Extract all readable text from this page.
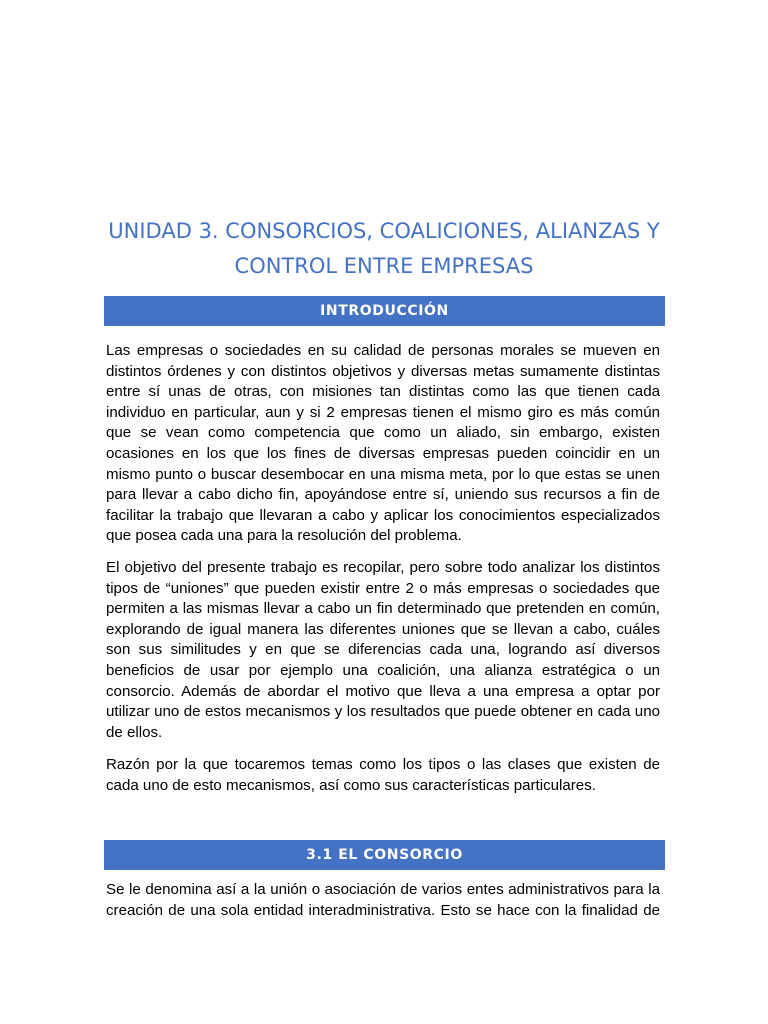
UNIDAD 3. CONSORCIOS, COALICIONES, ALIANZAS Y
CONTROL ENTRE EMPRESAS
INTRODUCCIÓN

Las empresas o sociedades en su calidad de personas morales se mueven en
distintos órdenes y con distintos objetivos y diversas metas sumamente distintas
entre sí unas de otras, con misiones tan distintas como las que tienen cada
individuo en particular, aun y si 2 empresas tienen el mismo giro es más común
que se vean como competencia que como un aliado, sin embargo, existen
ocasiones en los que los fines de diversas empresas pueden coincidir en un
mismo punto o buscar desembocar en una misma meta, por lo que estas se unen
para llevar a cabo dicho fin, apoyándose entre sí, uniendo sus recursos a fin de
facilitar la trabajo que llevaran a cabo y aplicar los conocimientos especializados
que posea cada una para la resolución del problema.

El objetivo del presente trabajo es recopilar, pero sobre todo analizar los distintos
tipos de “uniones” que pueden existir entre 2 o más empresas o sociedades que
permiten a las mismas llevar a cabo un fin determinado que pretenden en común,
explorando de igual manera las diferentes uniones que se llevan a cabo, cuáles
son sus similitudes y en que se diferencias cada una, logrando así diversos
beneficios de usar por ejemplo una coalición, una alianza estratégica o un
consorcio. Además de abordar el motivo que lleva a una empresa a optar por
utilizar uno de estos mecanismos y los resultados que puede obtener en cada uno
de ellos.

Razón por la que tocaremos temas como los tipos o las clases que existen de
cada uno de esto mecanismos, así como sus características particulares.

3.1 EL CONSORCIO

Se le denomina así a la unión o asociación de varios entes administrativos para la
creación de una sola entidad interadministrativa. Esto se hace con la finalidad de
